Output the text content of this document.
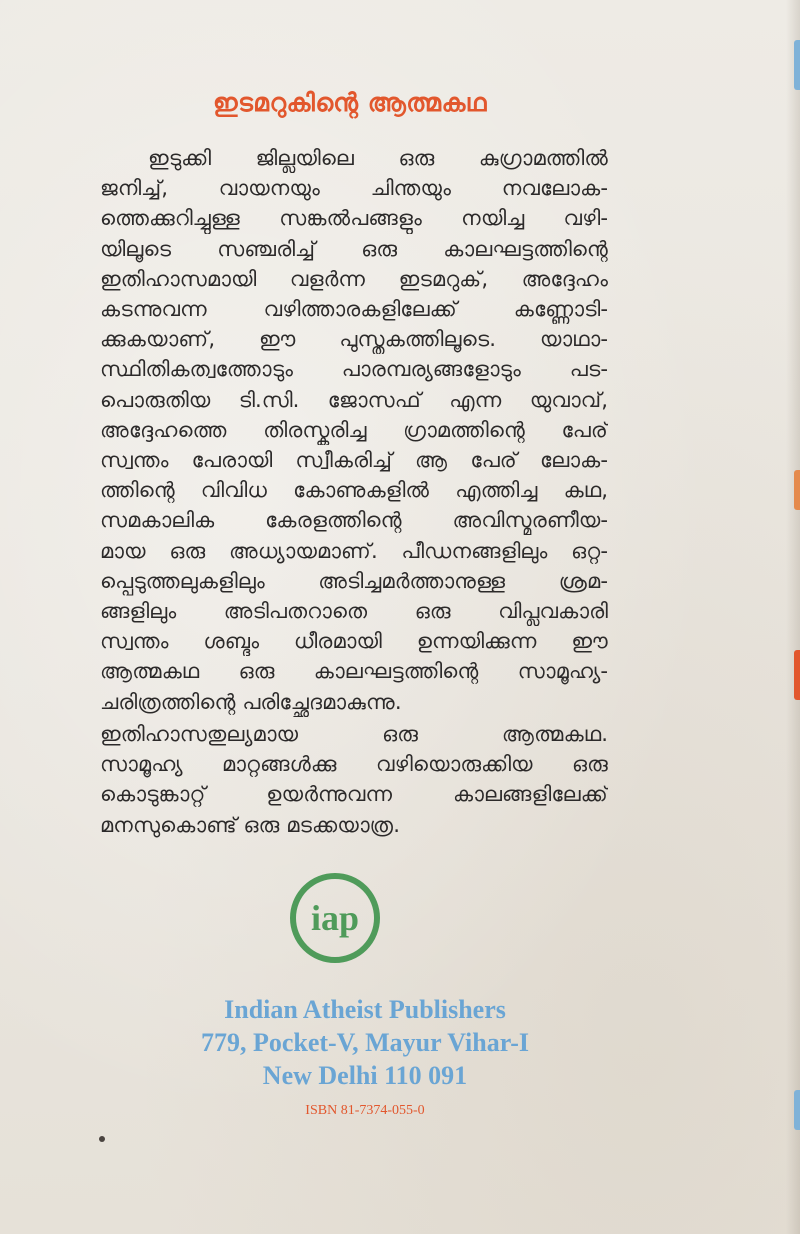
ഇടമറുകിന്റെ ആത്മകഥ
ഇടുക്കി ജില്ലയിലെ ഒരു കുഗ്രാമത്തിൽ
ജനിച്ച്, വായനയും ചിന്തയും നവലോക-
ത്തെക്കുറിച്ചുള്ള സങ്കൽപങ്ങളും നയിച്ച വഴി-
യിലൂടെ സഞ്ചരിച്ച് ഒരു കാലഘട്ടത്തിന്റെ
ഇതിഹാസമായി വളർന്ന ഇടമറുക്, അദ്ദേഹം
കടന്നുവന്ന വഴിത്താരകളിലേക്ക് കണ്ണോടി-
ക്കുകയാണ്, ഈ പുസ്തകത്തിലൂടെ. യാഥാ-
സ്ഥിതികത്വത്തോടും പാരമ്പര്യങ്ങളോടും പട-
പൊരുതിയ ടി.സി. ജോസഫ് എന്ന യുവാവ്,
അദ്ദേഹത്തെ തിരസ്കരിച്ച ഗ്രാമത്തിന്റെ പേര്
സ്വന്തം പേരായി സ്വീകരിച്ച് ആ പേര് ലോക-
ത്തിന്റെ വിവിധ കോണുകളിൽ എത്തിച്ച കഥ,
സമകാലിക കേരളത്തിന്റെ അവിസ്മരണീയ-
മായ ഒരു അധ്യായമാണ്. പീഡനങ്ങളിലും ഒറ്റ-
പ്പെടുത്തലുകളിലും അടിച്ചമർത്താനുള്ള ശ്രമ-
ങ്ങളിലും അടിപതറാതെ ഒരു വിപ്ലവകാരി
സ്വന്തം ശബ്ദം ധീരമായി ഉന്നയിക്കുന്ന ഈ
ആത്മകഥ ഒരു കാലഘട്ടത്തിന്റെ സാമൂഹ്യ-
ചരിത്രത്തിന്റെ പരിച്ഛേദമാകുന്നു.
ഇതിഹാസതുല്യമായ ഒരു ആത്മകഥ.
സാമൂഹ്യ മാറ്റങ്ങൾക്കു വഴിയൊരുക്കിയ ഒരു
കൊടുങ്കാറ്റ് ഉയർന്നുവന്ന കാലങ്ങളിലേക്ക്
മനസുകൊണ്ട് ഒരു മടക്കയാത്ര.
iap
Indian Atheist Publishers
779, Pocket-V, Mayur Vihar-I
New Delhi 110 091
ISBN 81-7374-055-0
